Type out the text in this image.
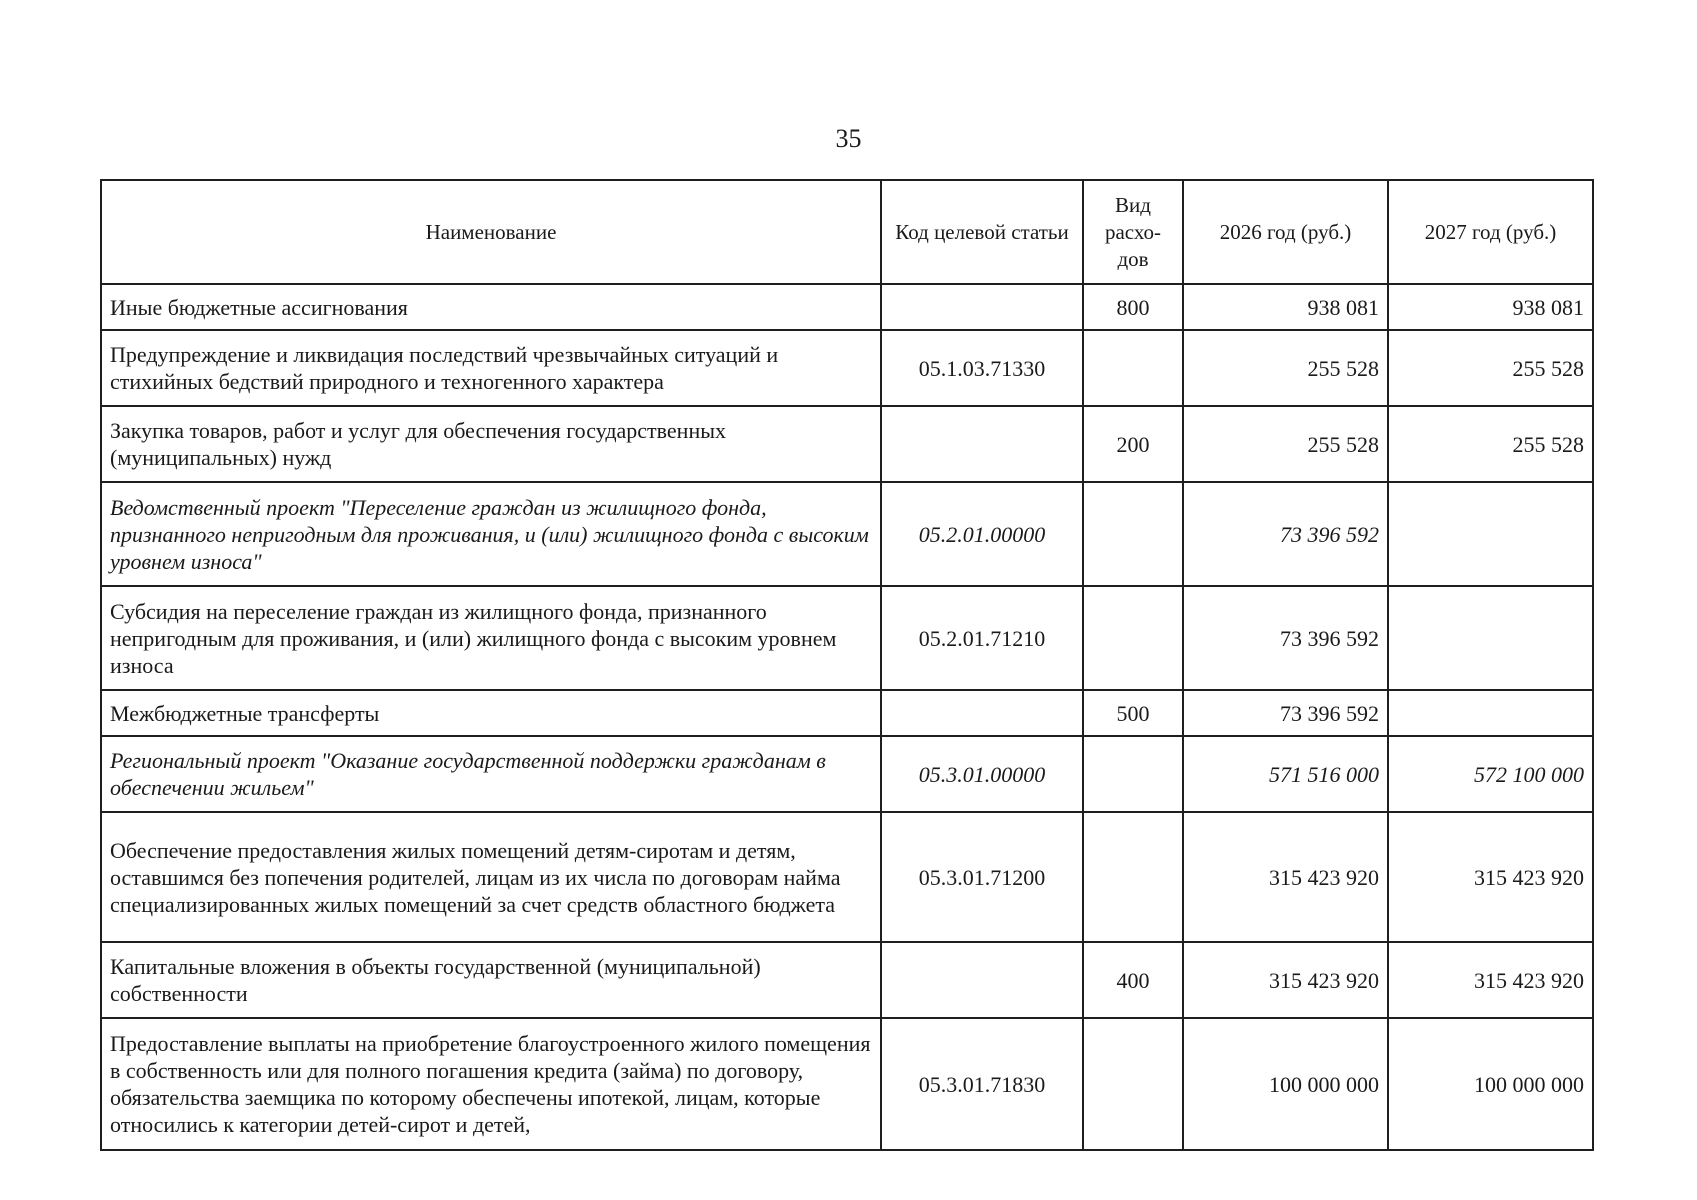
35
Наименование	Код целевой статьи	Вид расхо-дов	2026 год (руб.)	2027 год (руб.)
Иные бюджетные ассигнования		800	938 081	938 081
Предупреждение и ликвидация последствий чрезвычайных ситуаций и стихийных бедствий природного и техногенного характера	05.1.03.71330		255 528	255 528
Закупка товаров, работ и услуг для обеспечения государственных (муниципальных) нужд		200	255 528	255 528
Ведомственный проект "Переселение граждан из жилищного фонда, признанного непригодным для проживания, и (или) жилищного фонда с высоким уровнем износа"	05.2.01.00000		73 396 592	
Субсидия на переселение граждан из жилищного фонда, признанного непригодным для проживания, и (или) жилищного фонда с высоким уровнем износа	05.2.01.71210		73 396 592	
Межбюджетные трансферты		500	73 396 592	
Региональный проект "Оказание государственной поддержки гражданам в обеспечении жильем"	05.3.01.00000		571 516 000	572 100 000
Обеспечение предоставления жилых помещений детям-сиротам и детям, оставшимся без попечения родителей, лицам из их числа по договорам найма специализированных жилых помещений за счет средств областного бюджета	05.3.01.71200		315 423 920	315 423 920
Капитальные вложения в объекты государственной (муниципальной) собственности		400	315 423 920	315 423 920
Предоставление выплаты на приобретение благоустроенного жилого помещения в собственность или для полного погашения кредита (займа) по договору, обязательства заемщика по которому обеспечены ипотекой, лицам, которые относились к категории детей-сирот и детей,	05.3.01.71830		100 000 000	100 000 000
